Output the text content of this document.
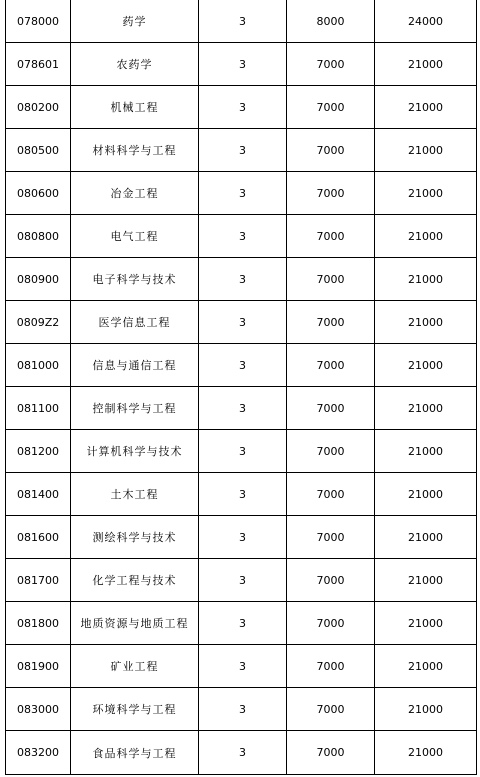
078000	药学	3	8000	24000
078601	农药学	3	7000	21000
080200	机械工程	3	7000	21000
080500	材料科学与工程	3	7000	21000
080600	冶金工程	3	7000	21000
080800	电气工程	3	7000	21000
080900	电子科学与技术	3	7000	21000
0809Z2	医学信息工程	3	7000	21000
081000	信息与通信工程	3	7000	21000
081100	控制科学与工程	3	7000	21000
081200	计算机科学与技术	3	7000	21000
081400	土木工程	3	7000	21000
081600	测绘科学与技术	3	7000	21000
081700	化学工程与技术	3	7000	21000
081800	地质资源与地质工程	3	7000	21000
081900	矿业工程	3	7000	21000
083000	环境科学与工程	3	7000	21000
083200	食品科学与工程	3	7000	21000
